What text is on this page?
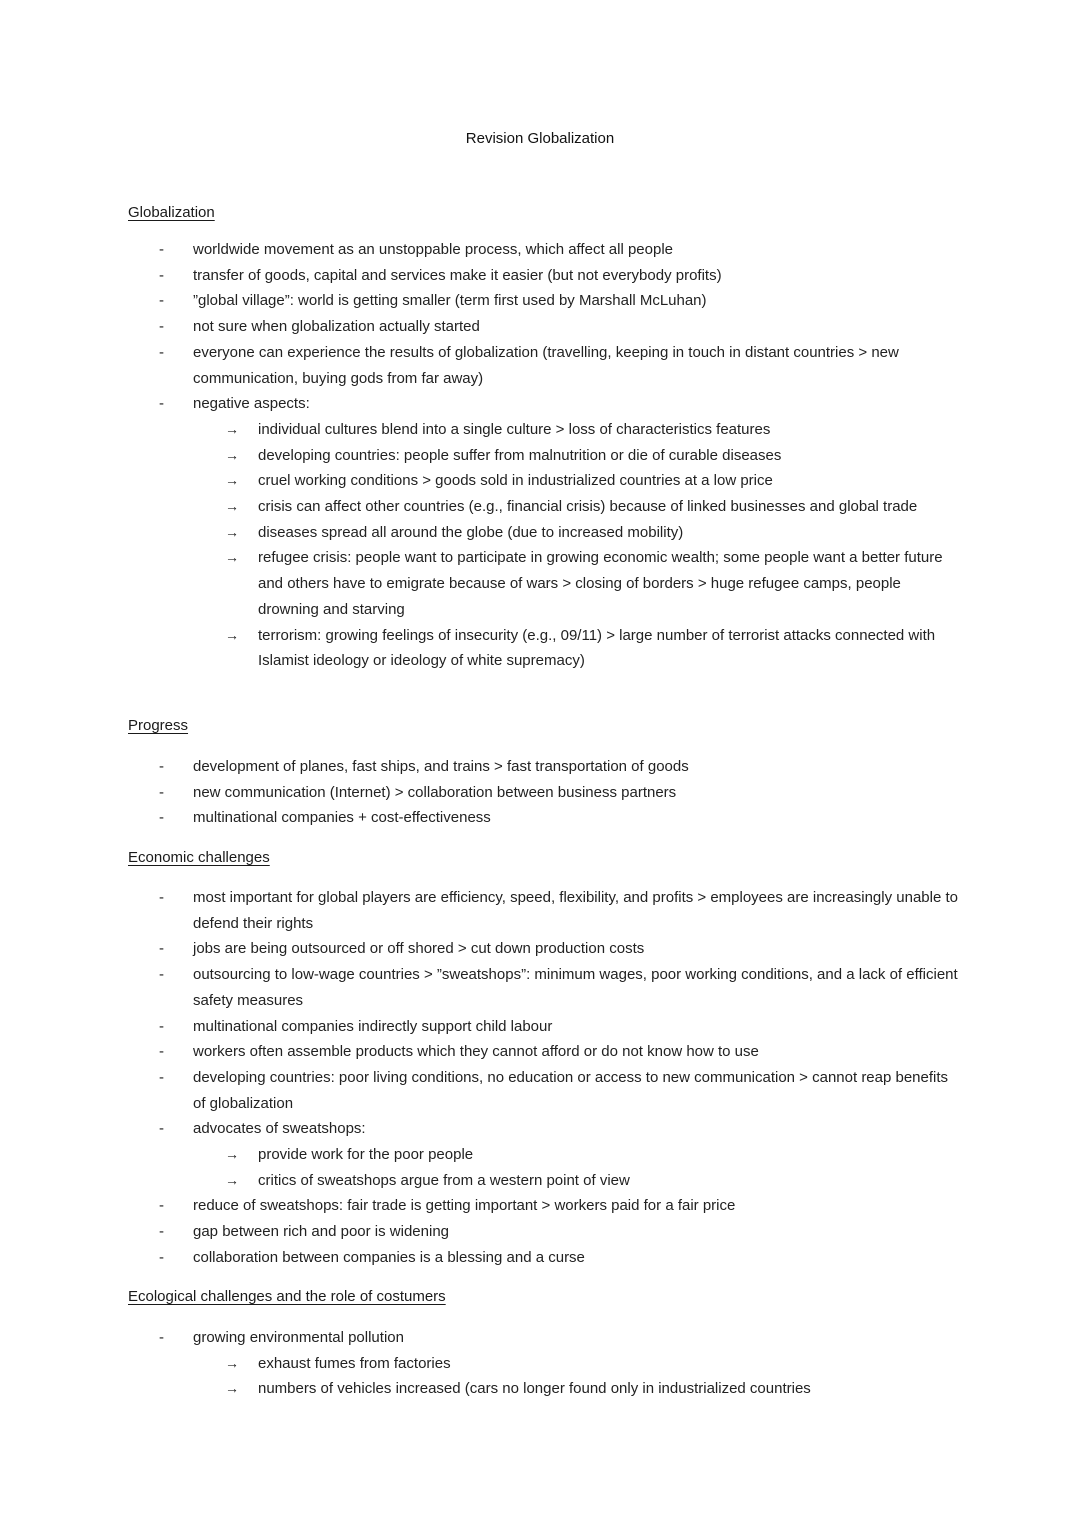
Revision Globalization
Globalization
-	worldwide movement as an unstoppable process, which affect all people
-	transfer of goods, capital and services make it easier (but not everybody profits)
-	”global village”: world is getting smaller (term first used by Marshall McLuhan)
-	not sure when globalization actually started
-	everyone can experience the results of globalization (travelling, keeping in touch in distant countries > new communication, buying gods from far away)
-	negative aspects:
→	individual cultures blend into a single culture > loss of characteristics features
→	developing countries: people suffer from malnutrition or die of curable diseases
→	cruel working conditions > goods sold in industrialized countries at a low price
→	crisis can affect other countries (e.g., financial crisis) because of linked businesses and global trade
→	diseases spread all around the globe (due to increased mobility)
→	refugee crisis: people want to participate in growing economic wealth; some people want a better future and others have to emigrate because of wars > closing of borders > huge refugee camps, people drowning and starving
→	terrorism: growing feelings of insecurity (e.g., 09/11) > large number of terrorist attacks connected with Islamist ideology or ideology of white supremacy)
Progress
-	development of planes, fast ships, and trains > fast transportation of goods
-	new communication (Internet) > collaboration between business partners
-	multinational companies + cost-effectiveness
Economic challenges
-	most important for global players are efficiency, speed, flexibility, and profits > employees are increasingly unable to defend their rights
-	jobs are being outsourced or off shored > cut down production costs
-	outsourcing to low-wage countries > ”sweatshops”: minimum wages, poor working conditions, and a lack of efficient safety measures
-	multinational companies indirectly support child labour
-	workers often assemble products which they cannot afford or do not know how to use
-	developing countries: poor living conditions, no education or access to new communication > cannot reap benefits of globalization
-	advocates of sweatshops:
→	provide work for the poor people
→	critics of sweatshops argue from a western point of view
-	reduce of sweatshops: fair trade is getting important > workers paid for a fair price
-	gap between rich and poor is widening
-	collaboration between companies is a blessing and a curse
Ecological challenges and the role of costumers
-	growing environmental pollution
→	exhaust fumes from factories
→	numbers of vehicles increased (cars no longer found only in industrialized countries
